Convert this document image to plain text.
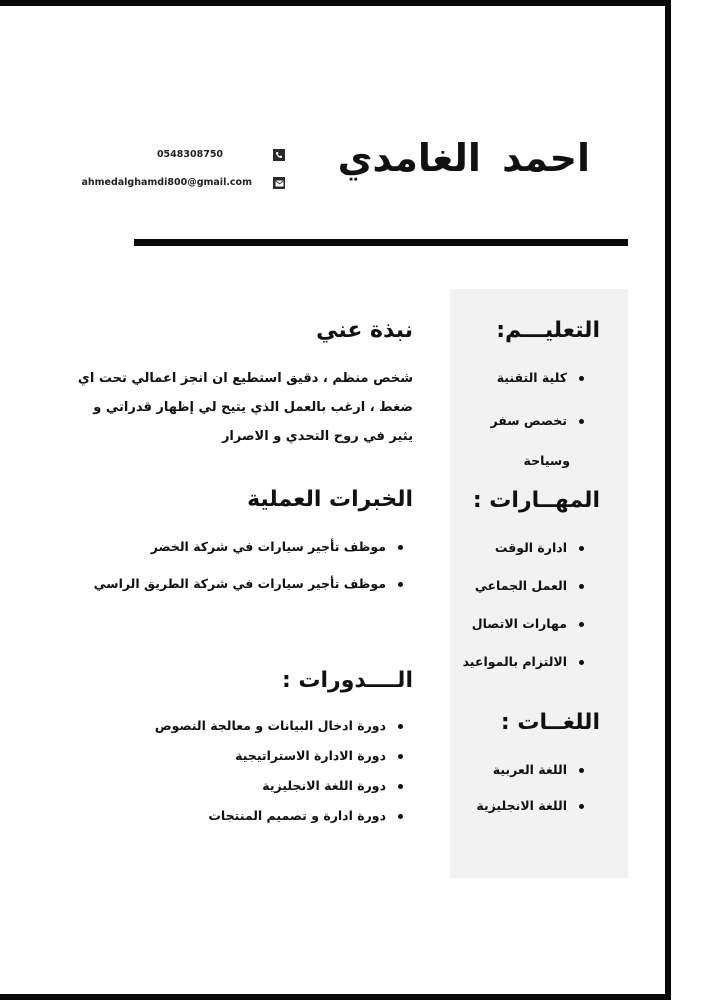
احمد الغامدي
0548308750
ahmedalghamdi800@gmail.com
التعليـــم:
كلية التقنية
تخصص سفر
وسياحة
المهــارات :
ادارة الوقت
العمل الجماعي
مهارات الاتصال
الالتزام بالمواعيد
اللغــات :
اللغة العربية
اللغة الانجليزية
نبذة عني
شخص منظم ، دقيق استطيع ان انجز اعمالي تحت اي ضغط ، ارغب بالعمل الذي يتيح لي إظهار قدراتي و يثير في روح التحدي و الاصرار
الخبرات العملية
موظف تأجير سيارات في شركة الخضر
موظف تأجير سيارات في شركة الطريق الراسي
الــــدورات :
دورة ادخال البيانات و معالجة النصوص
دورة الادارة الاستراتيجية
دورة اللغة الانجليزية
دورة ادارة و تصميم المنتجات
